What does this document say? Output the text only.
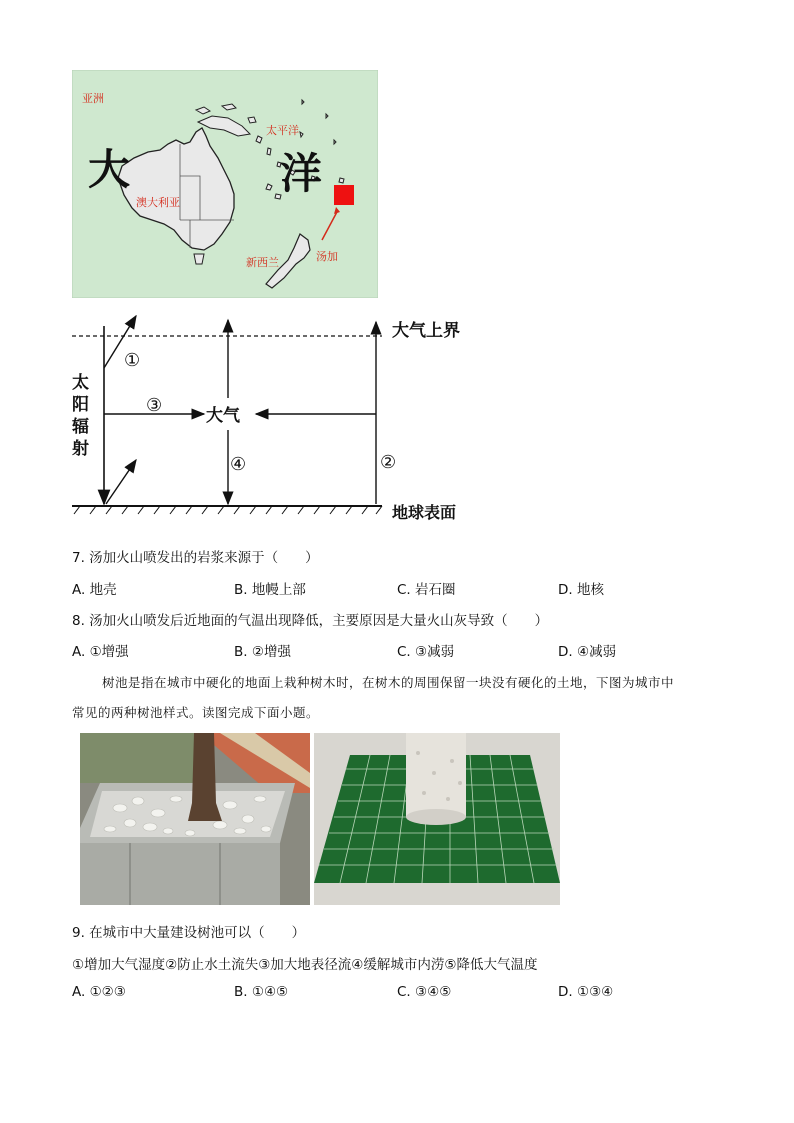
亚洲
太平洋
大	洋
澳大利亚
新西兰	汤加
大气上界
地球表面
太
阳
辐
射
大气
①
②
③
④
7. 汤加火山喷发出的岩浆来源于（　　）
A. 地壳	B. 地幔上部	C. 岩石圈	D. 地核
8. 汤加火山喷发后近地面的气温出现降低，主要原因是大量火山灰导致（　　）
A. ①增强	B. ②增强	C. ③减弱	D. ④减弱
树池是指在城市中硬化的地面上栽种树木时，在树木的周围保留一块没有硬化的土地，下图为城市中
常见的两种树池样式。读图完成下面小题。
9. 在城市中大量建设树池可以（　　）
①增加大气湿度②防止水土流失③加大地表径流④缓解城市内涝⑤降低大气温度
A. ①②③	B. ①④⑤	C. ③④⑤	D. ①③④
